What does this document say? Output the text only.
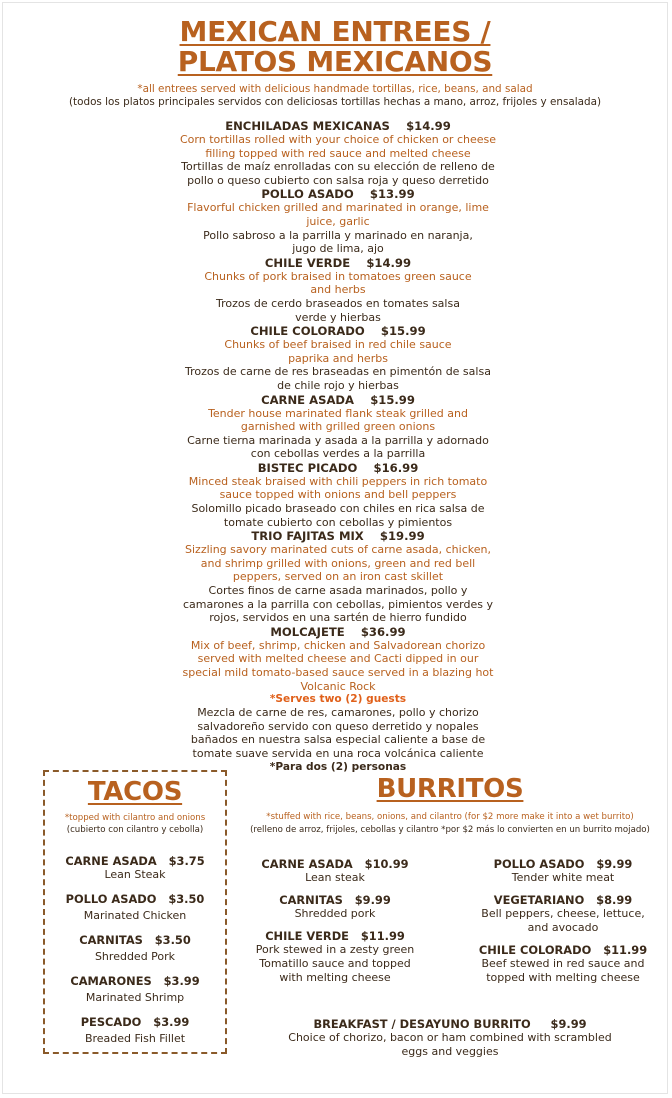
MEXICAN ENTREES /
PLATOS MEXICANOS
*all entrees served with delicious handmade tortillas, rice, beans, and salad
(todos los platos principales servidos con deliciosas tortillas hechas a mano, arroz, frijoles y ensalada)
ENCHILADAS MEXICANAS $14.99
Corn tortillas rolled with your choice of chicken or cheese
filling topped with red sauce and melted cheese
Tortillas de maíz enrolladas con su elección de relleno de
pollo o queso cubierto con salsa roja y queso derretido
POLLO ASADO $13.99
Flavorful chicken grilled and marinated in orange, lime
juice, garlic
Pollo sabroso a la parrilla y marinado en naranja,
jugo de lima, ajo
CHILE VERDE $14.99
Chunks of pork braised in tomatoes green sauce
and herbs
Trozos de cerdo braseados en tomates salsa
verde y hierbas
CHILE COLORADO $15.99
Chunks of beef braised in red chile sauce
paprika and herbs
Trozos de carne de res braseadas en pimentón de salsa
de chile rojo y hierbas
CARNE ASADA $15.99
Tender house marinated flank steak grilled and
garnished with grilled green onions
Carne tierna marinada y asada a la parrilla y adornado
con cebollas verdes a la parrilla
BISTEC PICADO $16.99
Minced steak braised with chili peppers in rich tomato
sauce topped with onions and bell peppers
Solomillo picado braseado con chiles en rica salsa de
tomate cubierto con cebollas y pimientos
TRIO FAJITAS MIX $19.99
Sizzling savory marinated cuts of carne asada, chicken,
and shrimp grilled with onions, green and red bell
peppers, served on an iron cast skillet
Cortes finos de carne asada marinados, pollo y
camarones a la parrilla con cebollas, pimientos verdes y
rojos, servidos en una sartén de hierro fundido
MOLCAJETE $36.99
Mix of beef, shrimp, chicken and Salvadorean chorizo
served with melted cheese and Cacti dipped in our
special mild tomato-based sauce served in a blazing hot
Volcanic Rock
*Serves two (2) guests
Mezcla de carne de res, camarones, pollo y chorizo
salvadoreño servido con queso derretido y nopales
bañados en nuestra salsa especial caliente a base de
tomate suave servida en una roca volcánica caliente
*Para dos (2) personas
TACOS
*topped with cilantro and onions
(cubierto con cilantro y cebolla)
CARNE ASADA $3.75
Lean Steak
POLLO ASADO $3.50
Marinated Chicken
CARNITAS $3.50
Shredded Pork
CAMARONES $3.99
Marinated Shrimp
PESCADO $3.99
Breaded Fish Fillet
BURRITOS
*stuffed with rice, beans, onions, and cilantro (for $2 more make it into a wet burrito)
(relleno de arroz, frijoles, cebollas y cilantro *por $2 más lo convierten en un burrito mojado)
CARNE ASADA $10.99
Lean steak
CARNITAS $9.99
Shredded pork
CHILE VERDE $11.99
Pork stewed in a zesty green
Tomatillo sauce and topped
with melting cheese
POLLO ASADO $9.99
Tender white meat
VEGETARIANO $8.99
Bell peppers, cheese, lettuce,
and avocado
CHILE COLORADO $11.99
Beef stewed in red sauce and
topped with melting cheese
BREAKFAST / DESAYUNO BURRITO $9.99
Choice of chorizo, bacon or ham combined with scrambled
eggs and veggies
